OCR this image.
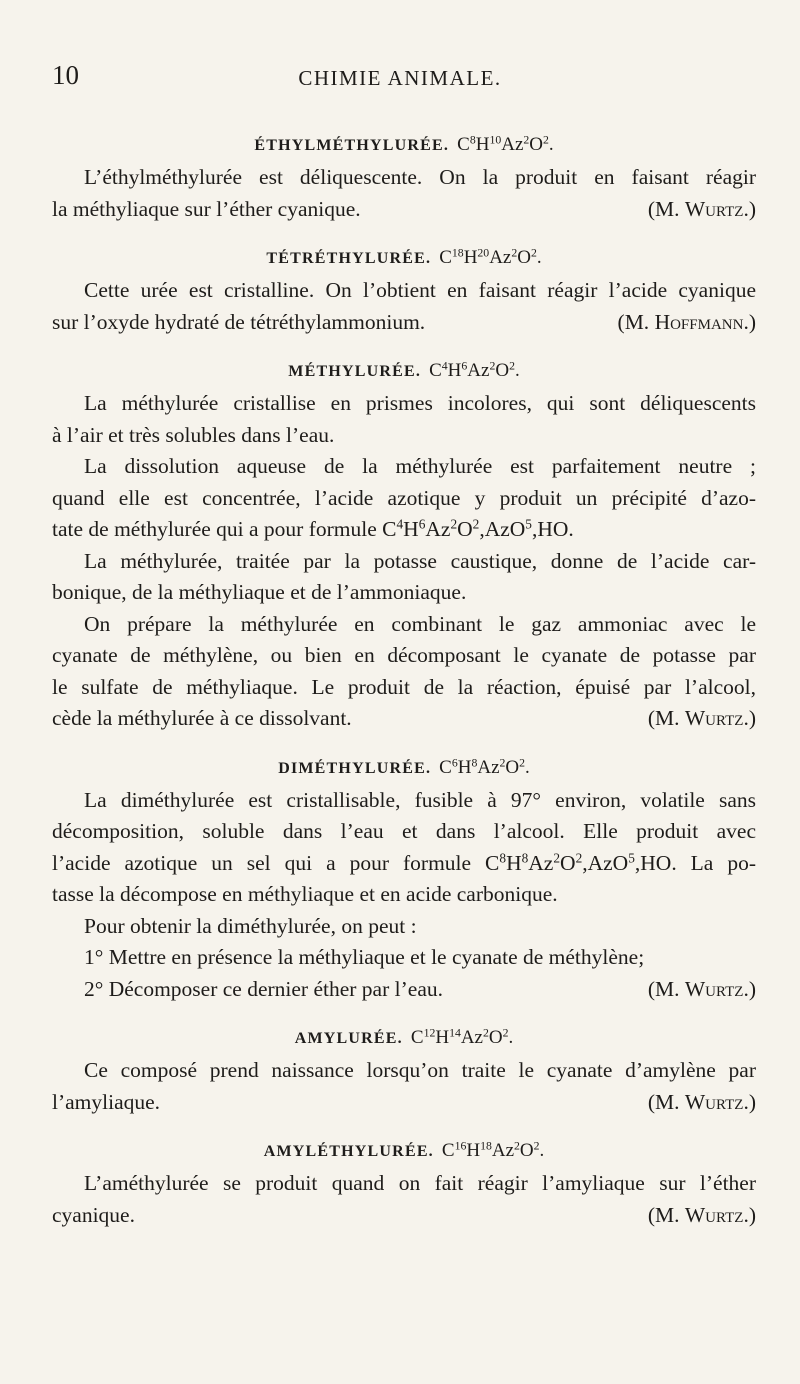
10	CHIMIE ANIMALE.
ÉTHYLMÉTHYLURÉE. $C^8H^{10}Az^2O^2$.

L’éthylméthylurée est déliquescente. On la produit en faisant réagir

la méthyliaque sur l’éther cyanique.	(M. Wurtz.)

TÉTRÉTHYLURÉE. $C^{18}H^{20}Az^2O^2$.

Cette urée est cristalline. On l’obtient en faisant réagir l’acide cyanique

sur l’oxyde hydraté de tétréthylammonium.	(M. Hoffmann.)

MÉTHYLURÉE. $C^4H^6Az^2O^2$.

La méthylurée cristallise en prismes incolores, qui sont déliquescents

à l’air et très solubles dans l’eau.

La dissolution aqueuse de la méthylurée est parfaitement neutre ;

quand elle est concentrée, l’acide azotique y produit un précipité d’azo-

tate de méthylurée qui a pour formule $C^4H^6Az^2O^2,AzO^5,HO$.

La méthylurée, traitée par la potasse caustique, donne de l’acide car-

bonique, de la méthyliaque et de l’ammoniaque.

On prépare la méthylurée en combinant le gaz ammoniac avec le

cyanate de méthylène, ou bien en décomposant le cyanate de potasse par

le sulfate de méthyliaque. Le produit de la réaction, épuisé par l’alcool,

cède la méthylurée à ce dissolvant.	(M. Wurtz.)

DIMÉTHYLURÉE. $C^6H^8Az^2O^2$.

La diméthylurée est cristallisable, fusible à 97° environ, volatile sans

décomposition, soluble dans l’eau et dans l’alcool. Elle produit avec

l’acide azotique un sel qui a pour formule $C^8H^8Az^2O^2,AzO^5,HO$. La po-

tasse la décompose en méthyliaque et en acide carbonique.

Pour obtenir la diméthylurée, on peut :

1° Mettre en présence la méthyliaque et le cyanate de méthylène;

2° Décomposer ce dernier éther par l’eau.	(M. Wurtz.)

AMYLURÉE. $C^{12}H^{14}Az^2O^2$.

Ce composé prend naissance lorsqu’on traite le cyanate d’amylène par

l’amyliaque.	(M. Wurtz.)

AMYLÉTHYLURÉE. $C^{16}H^{18}Az^2O^2$.

L’améthylurée se produit quand on fait réagir l’amyliaque sur l’éther

cyanique.	(M. Wurtz.)
